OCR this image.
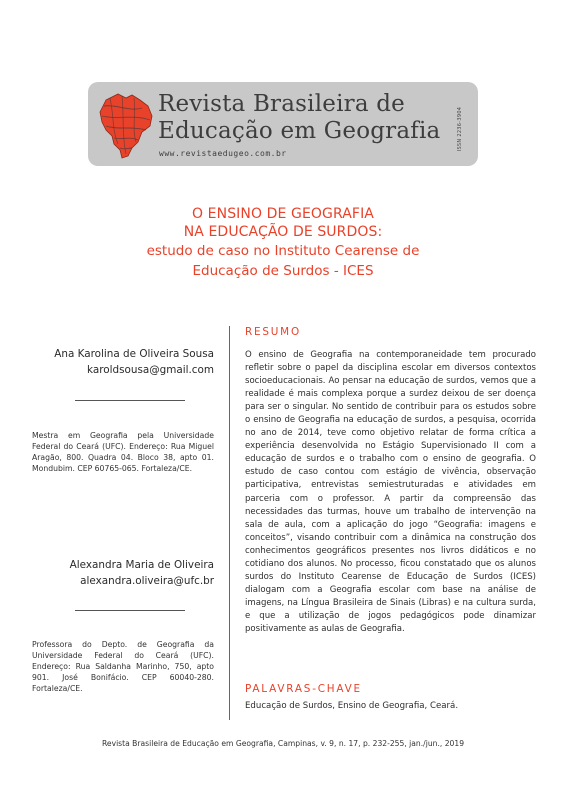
Revista Brasileira de
Educação em Geografia
www.revistaedugeo.com.br
ISSN 2236-3904
O ENSINO DE GEOGRAFIA
NA EDUCAÇÃO DE SURDOS:
estudo de caso no Instituto Cearense de
Educação de Surdos - ICES
Ana Karolina de Oliveira Sousa
karoldsousa@gmail.com
Mestra em Geografia pela Universidade Federal do Ceará (UFC). Endereço: Rua Miguel Aragão, 800. Quadra 04. Bloco 38, apto 01. Mondubim. CEP 60765-065. Fortaleza/CE.
Alexandra Maria de Oliveira
alexandra.oliveira@ufc.br
Professora do Depto. de Geografia da Universidade Federal do Ceará (UFC). Endereço: Rua Saldanha Marinho, 750, apto 901. José Bonifácio. CEP 60040-280. Fortaleza/CE.
RESUMO
O ensino de Geografia na contemporaneidade tem procurado refletir sobre o papel da disciplina escolar em diversos contextos socioeducacionais. Ao pensar na educação de surdos, vemos que a realidade é mais complexa porque a surdez deixou de ser doença para ser o singular. No sentido de contribuir para os estudos sobre o ensino de Geografia na educação de surdos, a pesquisa, ocorrida no ano de 2014, teve como objetivo relatar de forma crítica a experiência desenvolvida no Estágio Supervisionado II com a educação de surdos e o trabalho com o ensino de geografia. O estudo de caso contou com estágio de vivência, observação participativa, entrevistas semiestruturadas e atividades em parceria com o professor. A partir da compreensão das necessidades das turmas, houve um trabalho de intervenção na sala de aula, com a aplicação do jogo “Geografia: imagens e conceitos”, visando contribuir com a dinâmica na construção dos conhecimentos geográficos presentes nos livros didáticos e no cotidiano dos alunos. No processo, ficou constatado que os alunos surdos do Instituto Cearense de Educação de Surdos (ICES) dialogam com a Geografia escolar com base na análise de imagens, na Língua Brasileira de Sinais (Libras) e na cultura surda, e que a utilização de jogos pedagógicos pode dinamizar positivamente as aulas de Geografia.
PALAVRAS-CHAVE
Educação de Surdos, Ensino de Geografia, Ceará.
Revista Brasileira de Educação em Geografia, Campinas, v. 9, n. 17, p. 232-255, jan./jun., 2019
